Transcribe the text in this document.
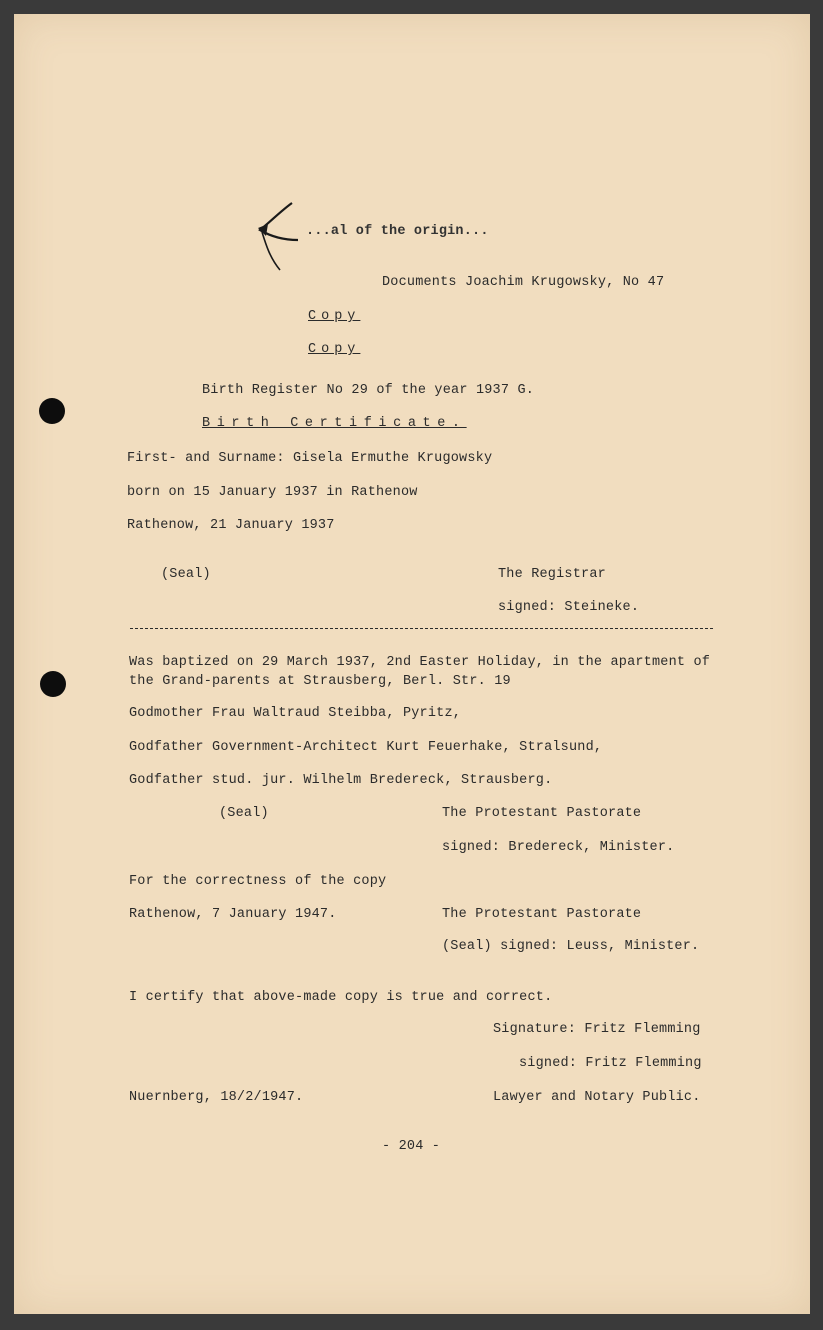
...al of the origin...
Documents Joachim Krugowsky, No 47
Copy
Copy
Birth Register No 29 of the year 1937 G.
Birth Certificate.
First- and Surname: Gisela Ermuthe Krugowsky
born on 15 January 1937 in Rathenow
Rathenow, 21 January 1937
(Seal)	The Registrar
signed: Steineke.
Was baptized on 29 March 1937, 2nd Easter Holiday, in the apartment of
the Grand-parents at Strausberg, Berl. Str. 19
Godmother Frau Waltraud Steibba, Pyritz,
Godfather Government-Architect Kurt Feuerhake, Stralsund,
Godfather stud. jur. Wilhelm Bredereck, Strausberg.
(Seal)	The Protestant Pastorate
signed: Bredereck, Minister.
For the correctness of the copy
Rathenow, 7 January 1947.	The Protestant Pastorate
(Seal) signed: Leuss, Minister.
I certify that above-made copy is true and correct.
Signature: Fritz Flemming
signed: Fritz Flemming
Nuernberg, 18/2/1947.	Lawyer and Notary Public.
- 204 -
